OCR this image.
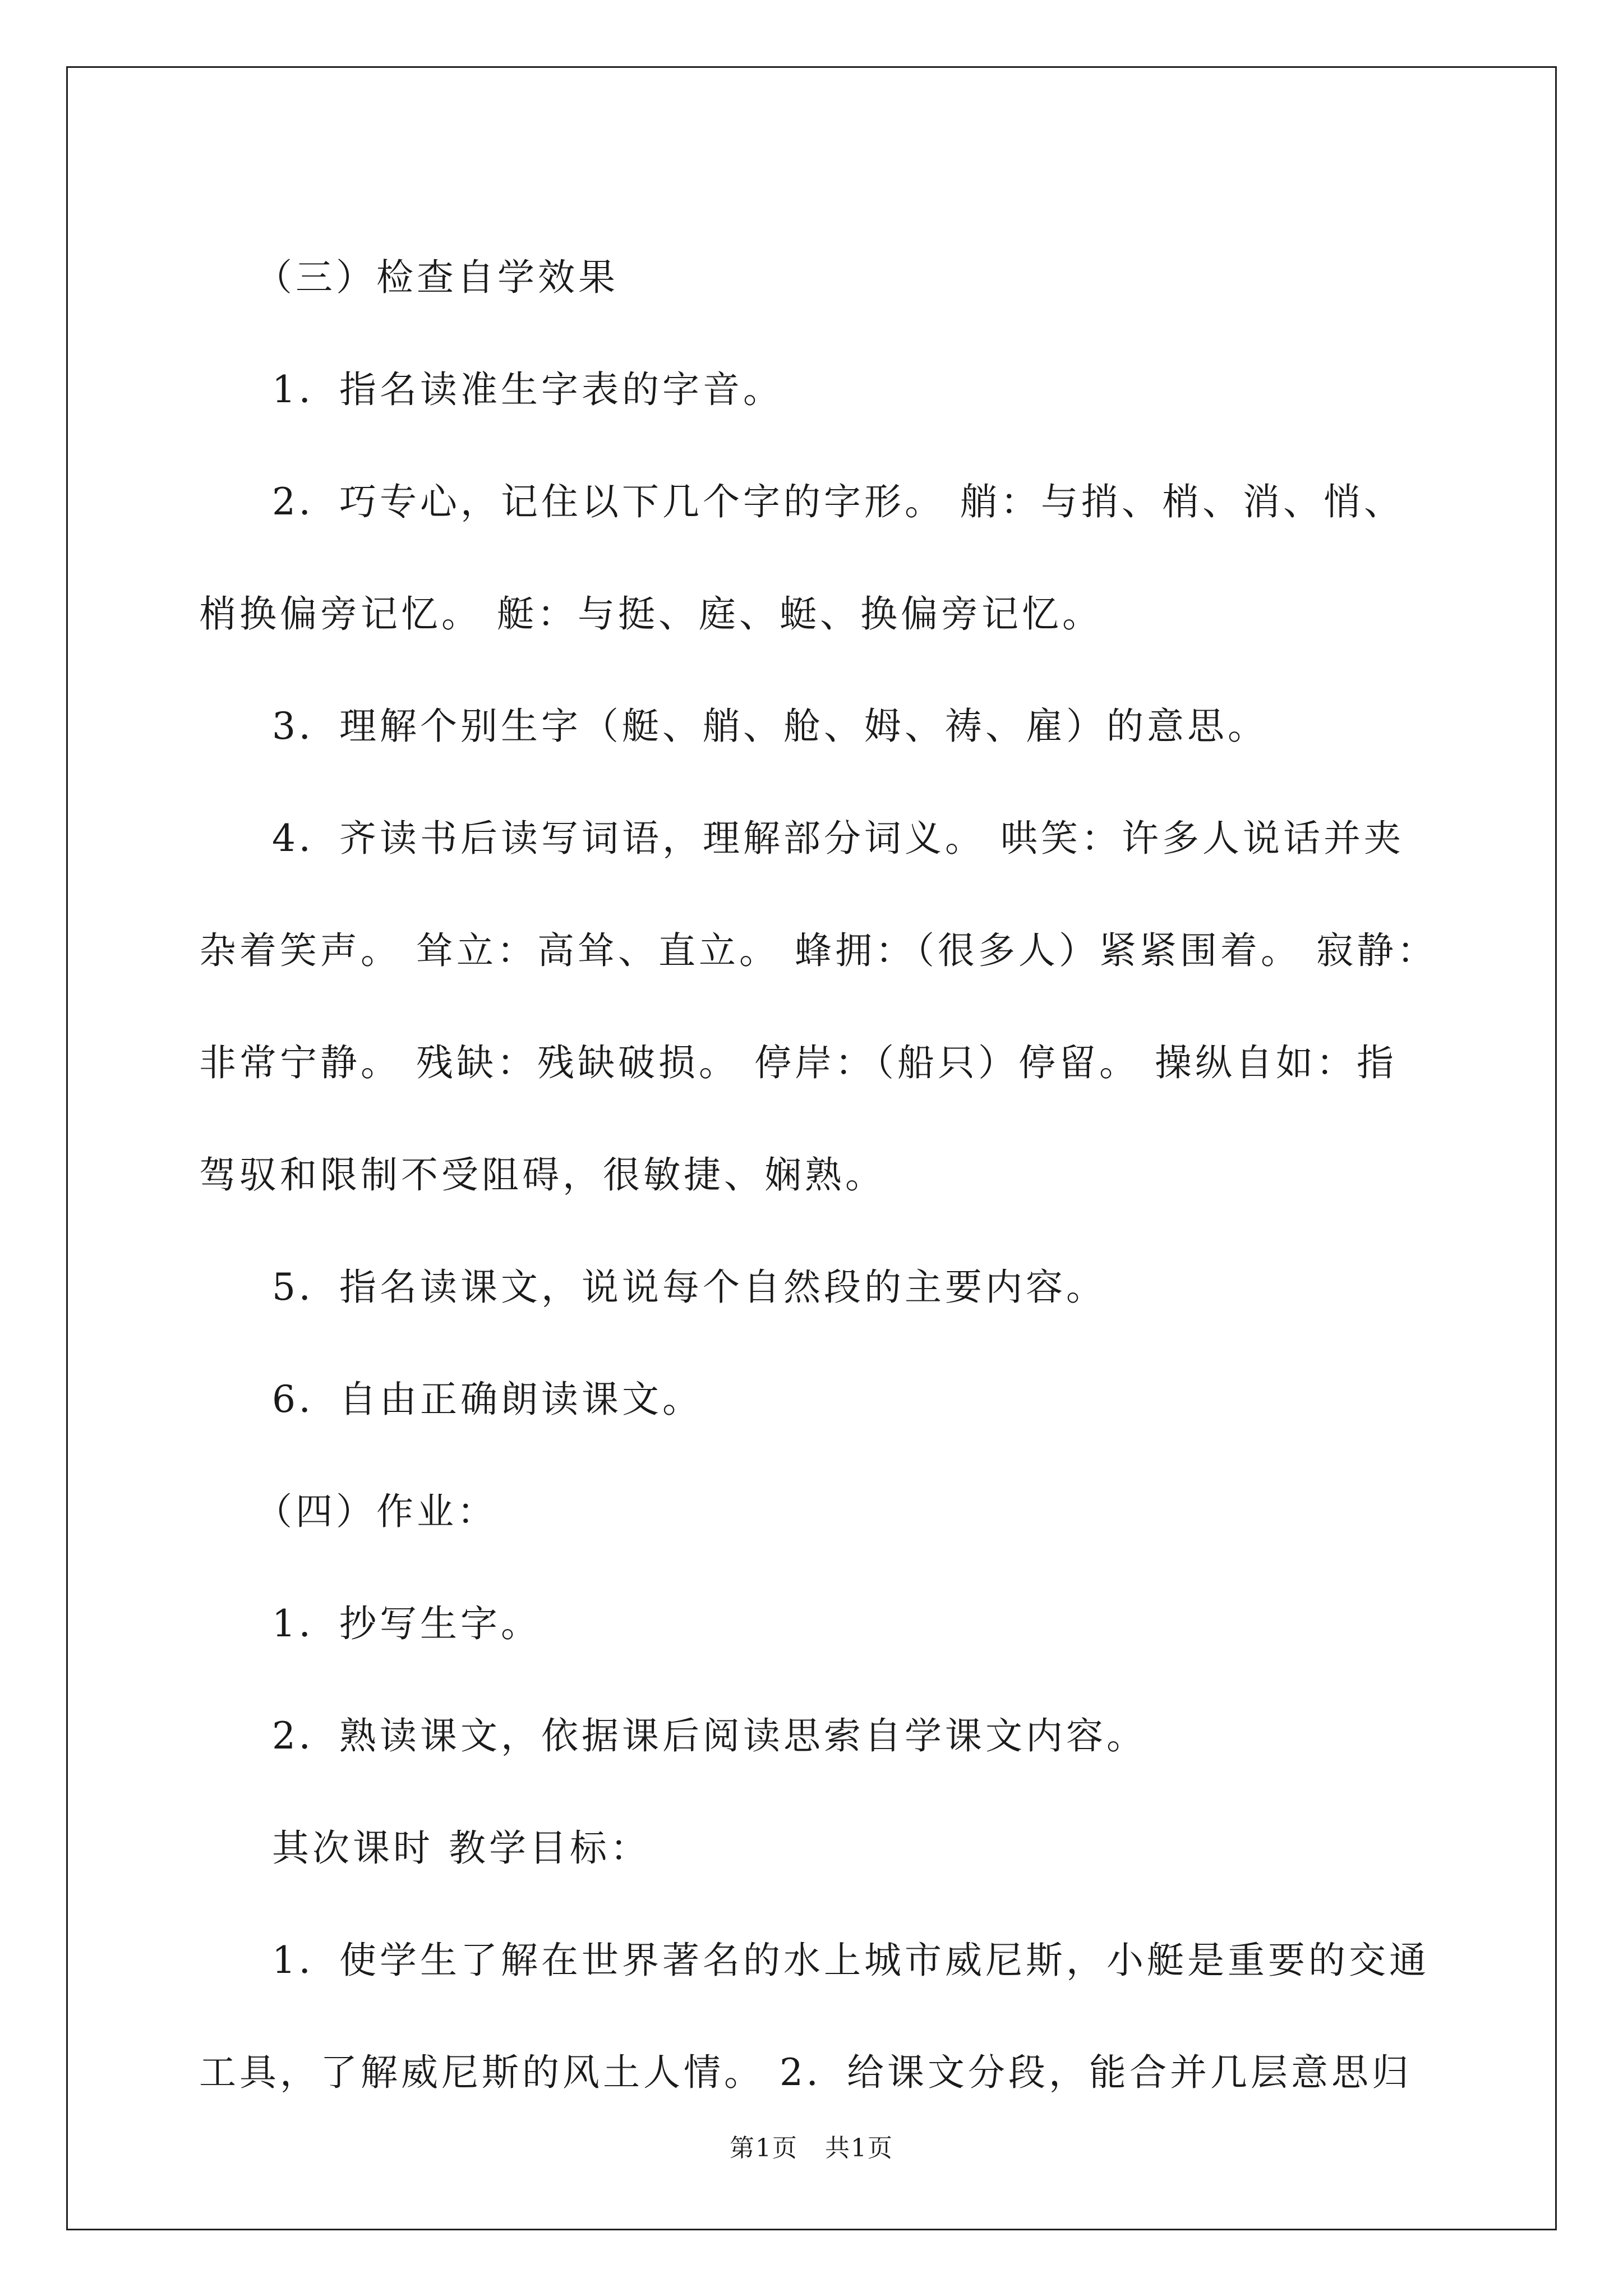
（三）检查自学效果
1．指名读准生字表的字音。
2．巧专心，记住以下几个字的字形。 艄：与捎、梢、消、悄、
梢换偏旁记忆。 艇：与挺、庭、蜓、换偏旁记忆。
3．理解个别生字（艇、艄、舱、姆、祷、雇）的意思。
4．齐读书后读写词语，理解部分词义。 哄笑：许多人说话并夹
杂着笑声。 耸立：高耸、直立。 蜂拥：（很多人）紧紧围着。 寂静：
非常宁静。 残缺：残缺破损。 停岸：（船只）停留。 操纵自如：指
驾驭和限制不受阻碍，很敏捷、娴熟。
5．指名读课文，说说每个自然段的主要内容。
6．自由正确朗读课文。
（四）作业：
1．抄写生字。
2．熟读课文，依据课后阅读思索自学课文内容。
其次课时 教学目标：
1．使学生了解在世界著名的水上城市威尼斯，小艇是重要的交通
工具，了解威尼斯的风土人情。 2．给课文分段，能合并几层意思归
第1页 共1页
